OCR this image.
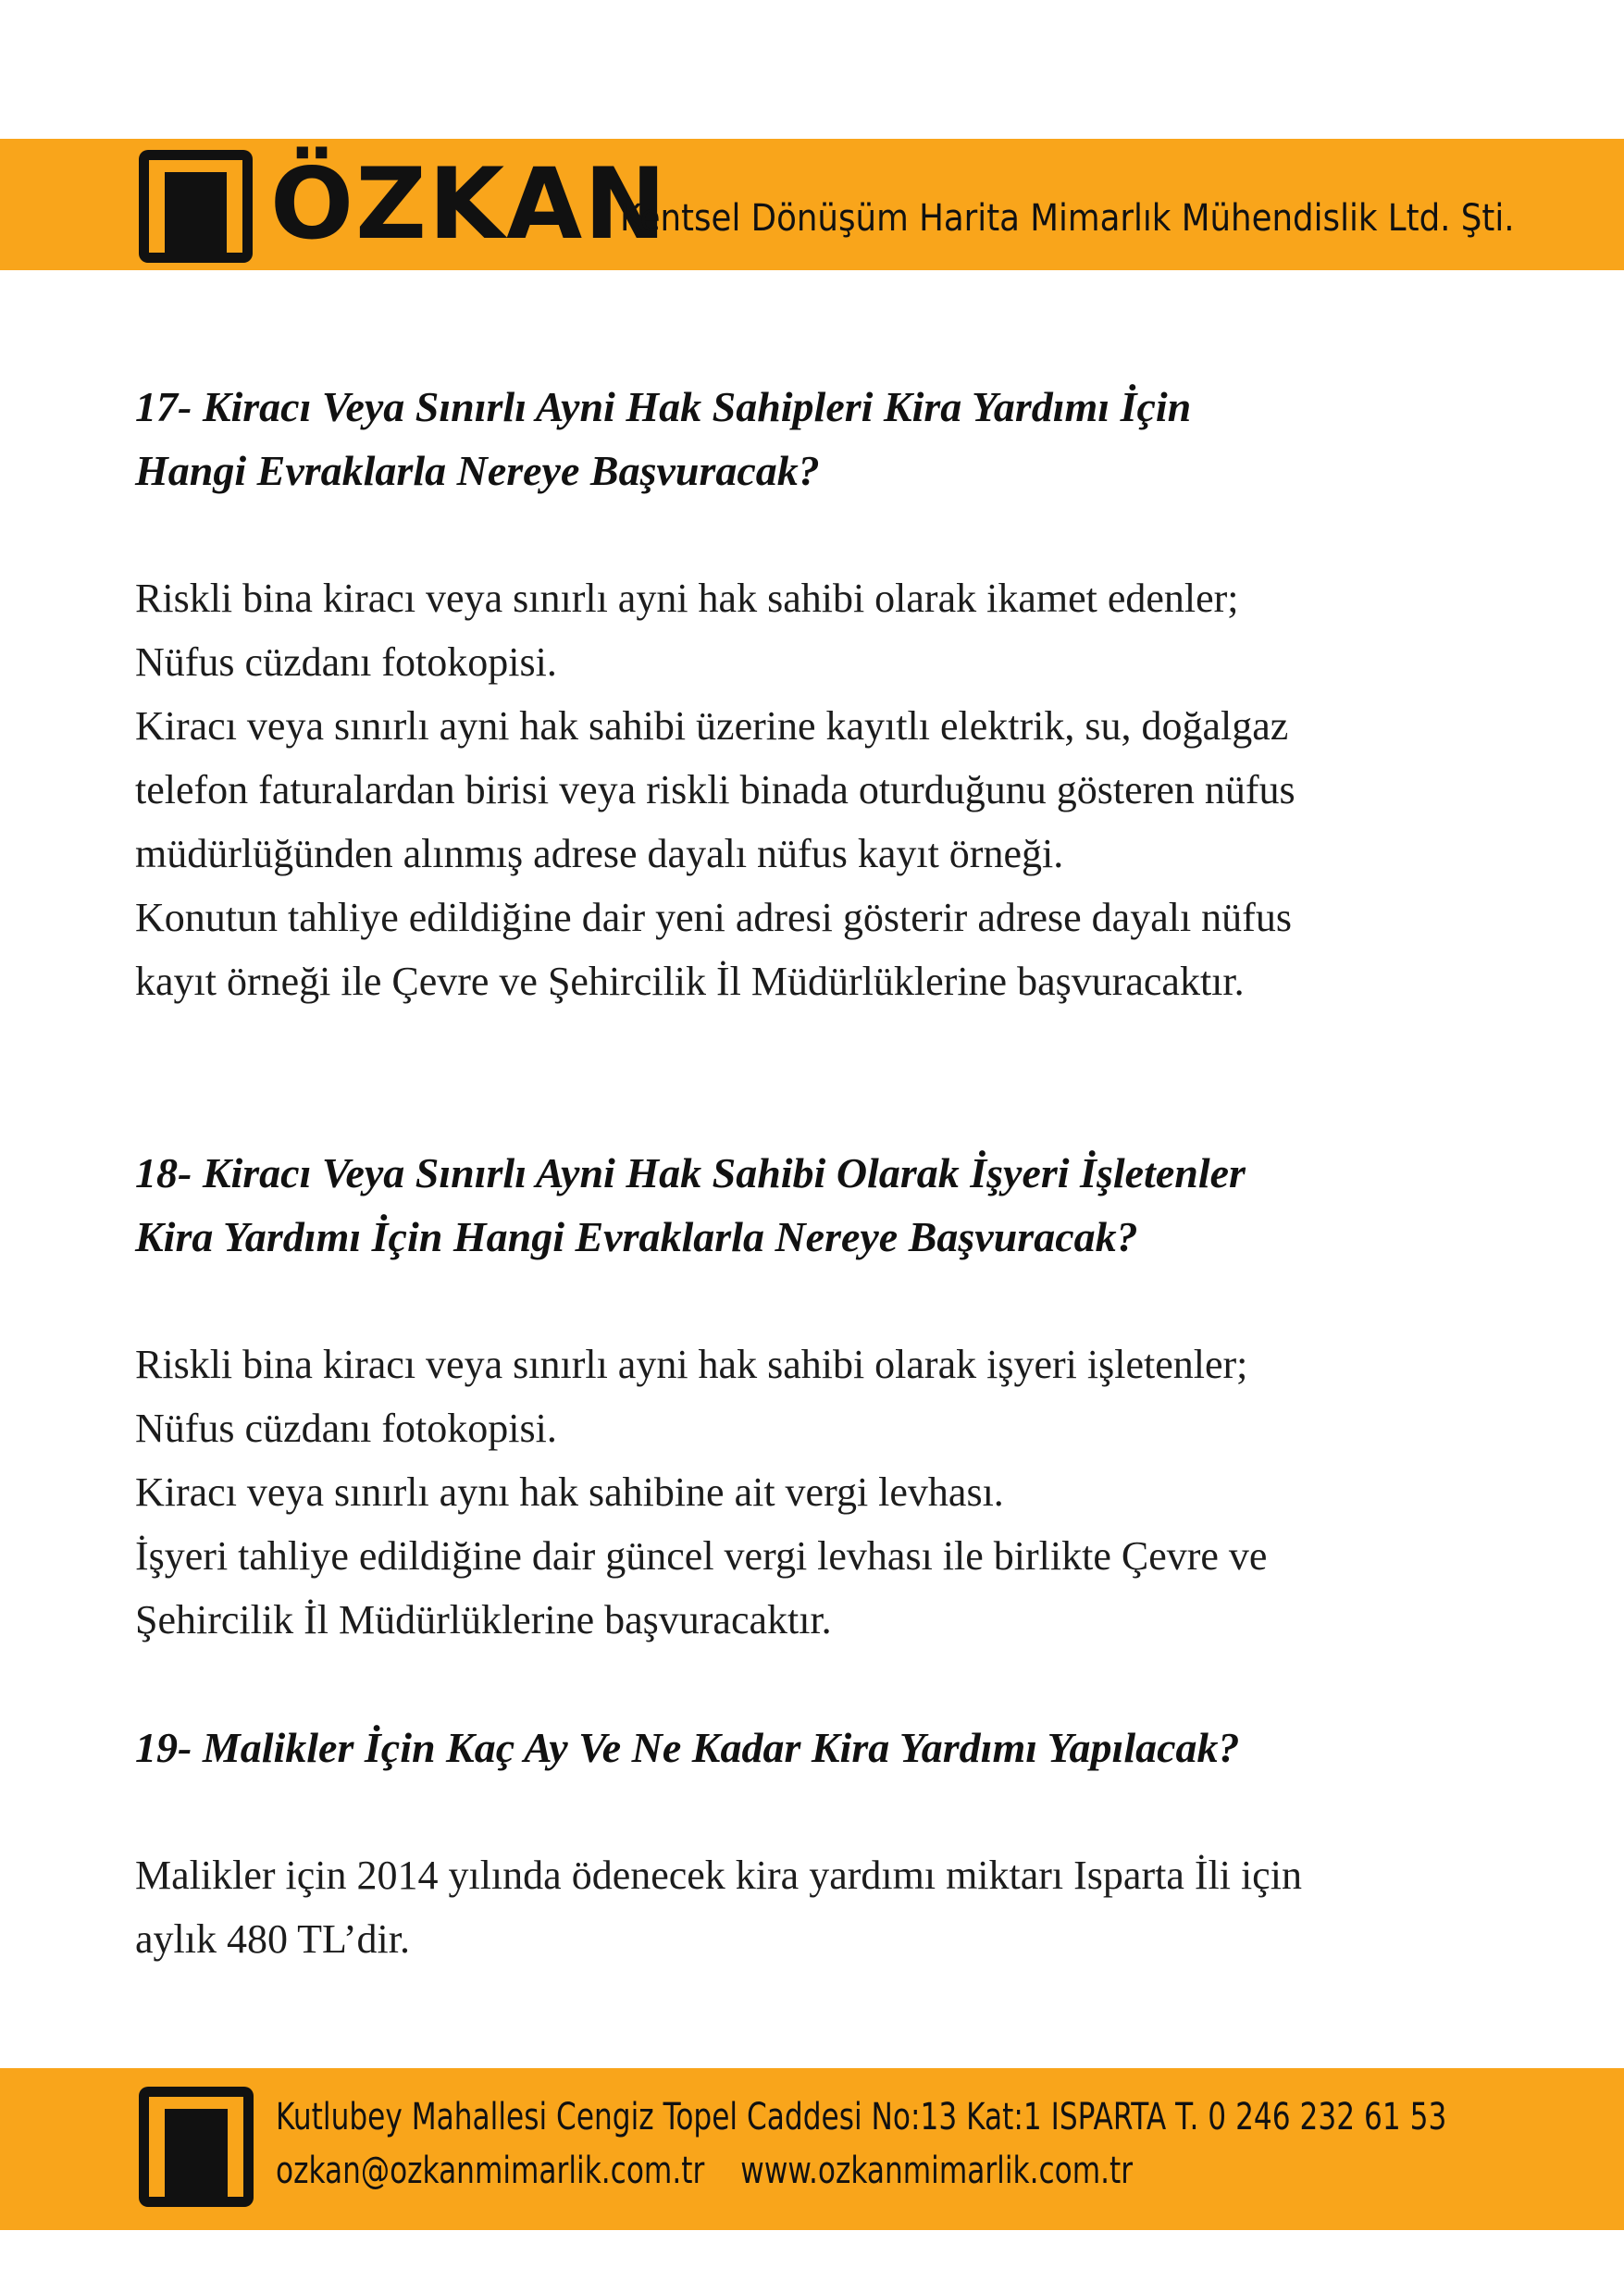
ÖZKAN
Kentsel Dönüşüm Harita Mimarlık Mühendislik Ltd. Şti.

17- Kiracı Veya Sınırlı Ayni Hak Sahipleri Kira Yardımı İçin

Hangi Evraklarla Nereye Başvuracak?

Riskli bina kiracı veya sınırlı ayni hak sahibi olarak ikamet edenler;

Nüfus cüzdanı fotokopisi.

Kiracı veya sınırlı ayni hak sahibi üzerine kayıtlı elektrik, su, doğalgaz

telefon faturalardan birisi veya riskli binada oturduğunu gösteren nüfus

müdürlüğünden alınmış adrese dayalı nüfus kayıt örneği.

Konutun tahliye edildiğine dair yeni adresi gösterir adrese dayalı nüfus

kayıt örneği ile Çevre ve Şehircilik İl Müdürlüklerine başvuracaktır.

18- Kiracı Veya Sınırlı Ayni Hak Sahibi Olarak İşyeri İşletenler

Kira Yardımı İçin Hangi Evraklarla Nereye Başvuracak?

Riskli bina kiracı veya sınırlı ayni hak sahibi olarak işyeri işletenler;

Nüfus cüzdanı fotokopisi.

Kiracı veya sınırlı aynı hak sahibine ait vergi levhası.

İşyeri tahliye edildiğine dair güncel vergi levhası ile birlikte Çevre ve

Şehircilik İl Müdürlüklerine başvuracaktır.

19- Malikler İçin Kaç Ay Ve Ne Kadar Kira Yardımı Yapılacak?

Malikler için 2014 yılında ödenecek kira yardımı miktarı Isparta İli için

aylık 480 TL’dir.

Kutlubey Mahallesi Cengiz Topel Caddesi No:13 Kat:1 ISPARTA T. 0 246 232 61 53
ozkan@ozkanmimarlik.com.tr www.ozkanmimarlik.com.tr
